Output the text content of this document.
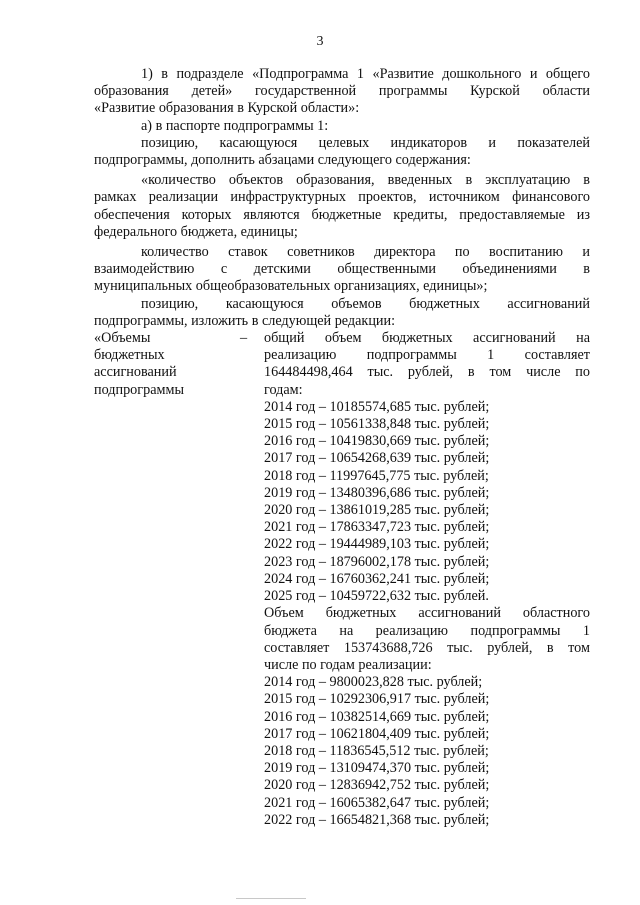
3

1) в подразделе «Подпрограмма 1 «Развитие дошкольного и общего

образования детей» государственной программы Курской области

«Развитие образования в Курской области»:

а) в паспорте подпрограммы 1:

позицию, касающуюся целевых индикаторов и показателей

подпрограммы, дополнить абзацами следующего содержания:

«количество объектов образования, введенных в эксплуатацию в

рамках реализации инфраструктурных проектов, источником финансового

обеспечения которых являются бюджетные кредиты, предоставляемые из

федерального бюджета, единицы;

количество ставок советников директора по воспитанию и

взаимодействию с детскими общественными объединениями в

муниципальных общеобразовательных организациях, единицы»;

позицию, касающуюся объемов бюджетных ассигнований

подпрограммы, изложить в следующей редакции:

«Объемы
бюджетных
ассигнований
подпрограммы
–	общий объем бюджетных ассигнований на
реализацию подпрограммы 1 составляет
164484498,464 тыс. рублей, в том числе по
годам:
2014 год – 10185574,685 тыс. рублей;
2015 год – 10561338,848 тыс. рублей;
2016 год – 10419830,669 тыс. рублей;
2017 год – 10654268,639 тыс. рублей;
2018 год – 11997645,775 тыс. рублей;
2019 год – 13480396,686 тыс. рублей;
2020 год – 13861019,285 тыс. рублей;
2021 год – 17863347,723 тыс. рублей;
2022 год – 19444989,103 тыс. рублей;
2023 год – 18796002,178 тыс. рублей;
2024 год – 16760362,241 тыс. рублей;
2025 год – 10459722,632 тыс. рублей.
Объем бюджетных ассигнований областного
бюджета на реализацию подпрограммы 1
составляет 153743688,726 тыс. рублей, в том
числе по годам реализации:
2014 год – 9800023,828 тыс. рублей;
2015 год – 10292306,917 тыс. рублей;
2016 год – 10382514,669 тыс. рублей;
2017 год – 10621804,409 тыс. рублей;
2018 год – 11836545,512 тыс. рублей;
2019 год – 13109474,370 тыс. рублей;
2020 год – 12836942,752 тыс. рублей;
2021 год – 16065382,647 тыс. рублей;
2022 год – 16654821,368 тыс. рублей;
